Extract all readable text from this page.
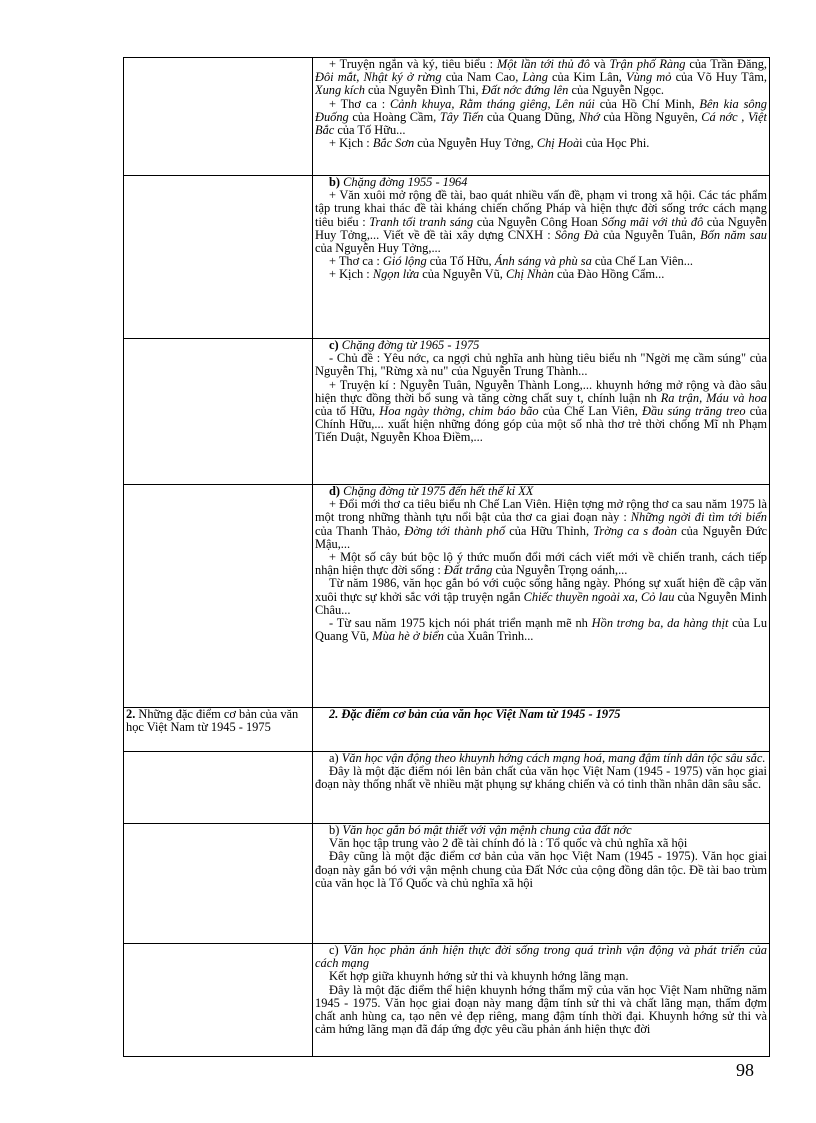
	+ Truyện ngắn và ký, tiêu biểu : Một lần tới thủ đô và Trận phố Ràng của Trần Đăng, Đôi mắt, Nhật ký ở rừng của Nam Cao, Làng của Kim Lân, Vùng mỏ của Võ Huy Tâm, Xung kích của Nguyễn Đình Thi, Đất nớc đứng lên của Nguyễn Ngọc.

+ Thơ ca : Cảnh khuya, Rằm tháng giêng, Lên núi của Hồ Chí Minh, Bên kia sông Đuống của Hoàng Cầm, Tây Tiến của Quang Dũng, Nhớ của Hồng Nguyên, Cá nớc , Việt Bắc của Tố Hữu...

+ Kịch : Bắc Sơn của Nguyễn Huy Tởng, Chị Hoài của Học Phi.

	b) Chặng đờng 1955 - 1964

+ Văn xuôi mở rộng đề tài, bao quát nhiều vấn đề, phạm vi trong xã hội. Các tác phẩm tập trung khai thác đề tài kháng chiến chống Pháp và hiện thực đời sống trớc cách mạng tiêu biểu : Tranh tối tranh sáng của Nguyễn Công Hoan Sống mãi với thủ đô của Nguyễn Huy Tởng,... Viết về đề tài xây dựng CNXH : Sông Đà của Nguyễn Tuân, Bốn năm sau của Nguyễn Huy Tởng,...

+ Thơ ca : Gió lộng của Tố Hữu, Ánh sáng và phù sa của Chế Lan Viên...

+ Kịch : Ngọn lửa của Nguyễn Vũ, Chị Nhàn của Đào Hồng Cẩm...

	c) Chặng đờng từ 1965 - 1975

- Chủ đề : Yêu nớc, ca ngợi chủ nghĩa anh hùng tiêu biểu nh "Ngời mẹ cầm súng" của Nguyễn Thị, "Rừng xà nu" của Nguyễn Trung Thành...

+ Truyện kí : Nguyễn Tuân, Nguyễn Thành Long,... khuynh hớng mở rộng và đào sâu hiện thực đồng thời bổ sung và tăng cờng chất suy t, chính luận nh Ra trận, Máu và hoa của tố Hữu, Hoa ngày thờng, chim báo bão của Chế Lan Viên, Đầu súng trăng treo của Chính Hữu,... xuất hiện những đóng góp của một số nhà thơ trẻ thời chống Mĩ nh Phạm Tiến Duật, Nguyễn Khoa Điềm,...

	d) Chặng đờng từ 1975 đến hết thế kỉ XX

+ Đổi mới thơ ca tiêu biểu nh Chế Lan Viên. Hiện tợng mở rộng thơ ca sau năm 1975 là một trong những thành tựu nổi bật của thơ ca giai đoạn này : Những ngời đi tìm tới biển của Thanh Thảo, Đờng tới thành phố của Hữu Thỉnh, Trờng ca s đoàn của Nguyễn Đức Mậu,...

+ Một số cây bút bộc lộ ý thức muốn đổi mới cách viết mới về chiến tranh, cách tiếp nhận hiện thực đời sống : Đất trắng của Nguyễn Trọng oánh,...

Từ năm 1986, văn học gắn bó với cuộc sống hằng ngày. Phóng sự xuất hiện đề cập văn xuôi thực sự khởi sắc với tập truyện ngắn Chiếc thuyền ngoài xa, Cỏ lau của Nguyễn Minh Châu...

- Từ sau năm 1975 kịch nói phát triển mạnh mẽ nh Hồn trơng ba, da hàng thịt của Lu Quang Vũ, Mùa hè ở biển của Xuân Trình...

2. Những đặc điểm cơ bản của văn học Việt Nam từ 1945 - 1975	2. Đặc điểm cơ bản của văn học Việt Nam từ 1945 - 1975

	a) Văn học vận động theo khuynh hớng cách mạng hoá, mang đậm tính dân tộc sâu sắc.

Đây là một đặc điểm nói lên bản chất của văn học Việt Nam (1945 - 1975) văn học giai đoạn này thống nhất về nhiều mặt phụng sự kháng chiến và có tinh thần nhân dân sâu sắc.

	b) Văn học gắn bó mật thiết với vận mệnh chung của đất nớc

Văn học tập trung vào 2 đề tài chính đó là : Tổ quốc và chủ nghĩa xã hội

Đây cũng là một đặc điểm cơ bản của văn học Việt Nam (1945 - 1975). Văn học giai đoạn này gắn bó với vận mệnh chung của Đất Nớc của cộng đồng dân tộc. Đề tài bao trùm của văn học là Tổ Quốc và chủ nghĩa xã hội

	c) Văn học phản ánh hiện thực đời sống trong quá trình vận động và phát triển của cách mạng

Kết hợp giữa khuynh hớng sử thi và khuynh hớng lãng mạn.

Đây là một đặc điểm thể hiện khuynh hớng thẩm mỹ của văn học Việt Nam những năm 1945 - 1975. Văn học giai đoạn này mang đậm tính sử thi và chất lãng mạn, thấm đợm chất anh hùng ca, tạo nên vẻ đẹp riêng, mang đậm tính thời đại. Khuynh hớng sử thi và cảm hứng lãng mạn đã đáp ứng đợc yêu cầu phản ánh hiện thực đời

98
